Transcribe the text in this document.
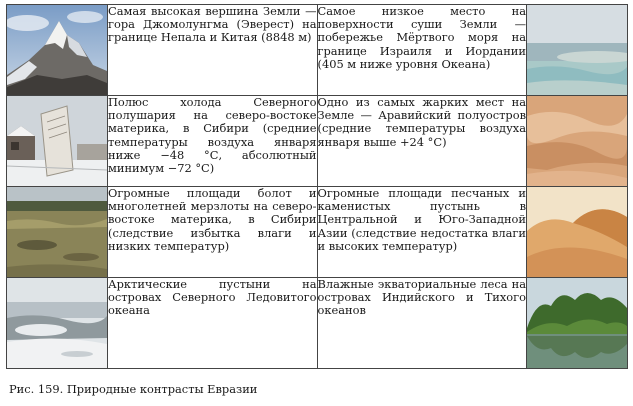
	Самая высокая вершина Земли — гора Джомолунгма (Эверест) на границе Непала и Китая (8848 м)	Самое низкое место на поверхности суши Земли — побережье Мёртвого моря на границе Израиля и Иордании (405 м ниже уровня Океана)	

	Полюс холода Северного полушария на северо-востоке материка, в Сибири (средние температуры воздуха января ниже −48 °С, абсолютный минимум −72 °С)	Одно из самых жарких мест на Земле — Аравийский полуостров (средние температуры воздуха января выше +24 °С)	

	Огромные площади болот и многолетней мерзлоты на северо-востоке материка, в Сибири (следствие избытка влаги и низких температур)	Огромные площади песчаных и каменистых пустынь в Центральной и Юго-Западной Азии (следствие недостатка влаги и высоких температур)	

	Арктические пустыни на островах Северного Ледовитого океана	Влажные экваториальные леса на островах Индийского и Тихого океанов	
Рис. 159. Природные контрасты Евразии
